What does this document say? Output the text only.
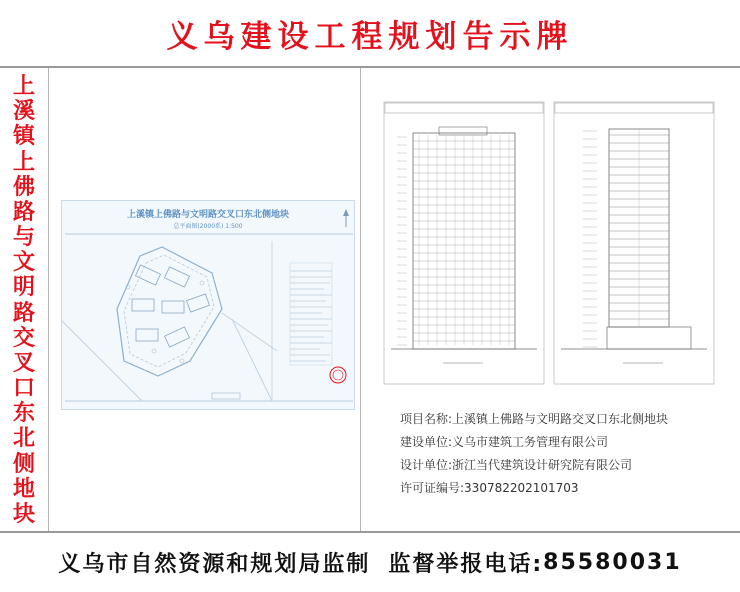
义乌建设工程规划告示牌
上
溪
镇
上
佛
路
与
文
明
路
交
叉
口
东
北
侧
地
块
上溪镇上佛路与文明路交叉口东北侧地块
总平面图(2000系) 1:500
项目名称:上溪镇上佛路与文明路交叉口东北侧地块
建设单位:义乌市建筑工务管理有限公司
设计单位:浙江当代建筑设计研究院有限公司
许可证编号:330782202101703
义乌市自然资源和规划局监制 监督举报电话: 85580031
